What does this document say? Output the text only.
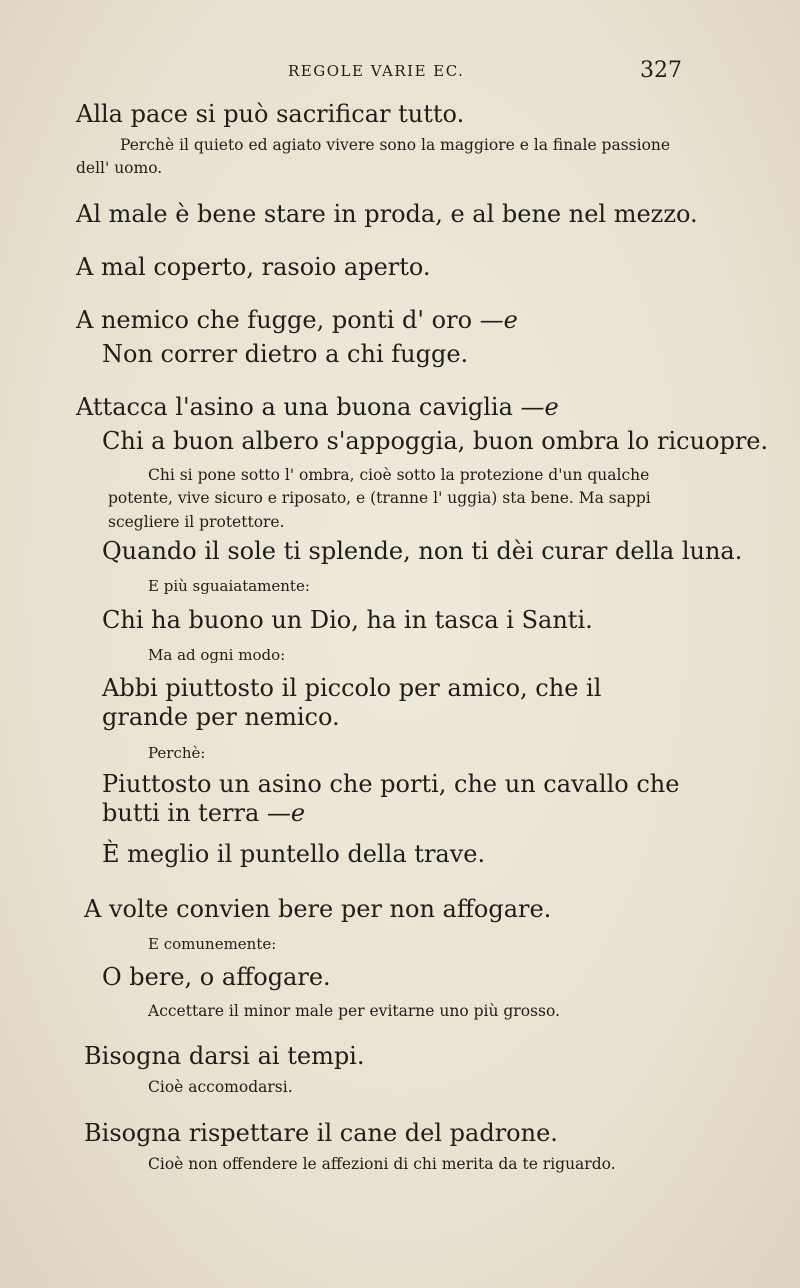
REGOLE VARIE EC.	327
Alla pace si può sacrificar tutto.
Perchè il quieto ed agiato vivere sono la maggiore e la finale passione dell' uomo.
Al male è bene stare in proda, e al bene nel mezzo.
A mal coperto, rasoio aperto.
A nemico che fugge, ponti d' oro —e
Non correr dietro a chi fugge.
Attacca l'asino a una buona caviglia —e
Chi a buon albero s'appoggia, buon ombra lo ricuopre.
Chi si pone sotto l' ombra, cioè sotto la protezione d'un qualche potente, vive sicuro e riposato, e (tranne l' uggia) sta bene. Ma sappi scegliere il protettore.
Quando il sole ti splende, non ti dèi curar della luna.
E più sguaiatamente:
Chi ha buono un Dio, ha in tasca i Santi.
Ma ad ogni modo:
Abbi piuttosto il piccolo per amico, che il grande per nemico.
Perchè:
Piuttosto un asino che porti, che un cavallo che butti in terra —e
È meglio il puntello della trave.
A volte convien bere per non affogare.
E comunemente:
O bere, o affogare.
Accettare il minor male per evitarne uno più grosso.
Bisogna darsi ai tempi.
Cioè accomodarsi.
Bisogna rispettare il cane del padrone.
Cioè non offendere le affezioni di chi merita da te riguardo.
